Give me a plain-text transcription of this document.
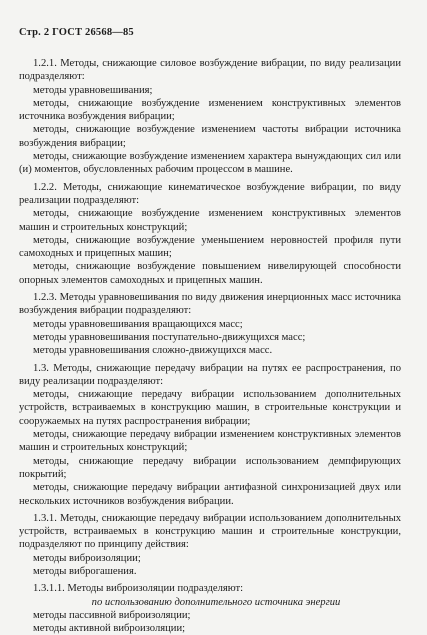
Стр. 2 ГОСТ 26568—85

1.2.1. Методы, снижающие силовое возбуждение вибрации, по виду реализации подразделяют:

методы уравновешивания;

методы, снижающие возбуждение изменением конструктивных элементов источника возбуждения вибрации;

методы, снижающие возбуждение изменением частоты вибрации источника возбуждения вибрации;

методы, снижающие возбуждение изменением характера вынуждающих сил или (и) моментов, обусловленных рабочим процессом в машине.

1.2.2. Методы, снижающие кинематическое возбуждение вибрации, по виду реализации подразделяют:

методы, снижающие возбуждение изменением конструктивных элементов машин и строительных конструкций;

методы, снижающие возбуждение уменьшением неровностей профиля пути самоходных и прицепных машин;

методы, снижающие возбуждение повышением нивелирующей способности опорных элементов самоходных и прицепных машин.

1.2.3. Методы уравновешивания по виду движения инерционных масс источника возбуждения вибрации подразделяют:

методы уравновешивания вращающихся масс;

методы уравновешивания поступательно-движущихся масс;

методы уравновешивания сложно-движущихся масс.

1.3. Методы, снижающие передачу вибрации на путях ее распространения, по виду реализации подразделяют:

методы, снижающие передачу вибрации использованием дополнительных устройств, встраиваемых в конструкцию машин, в строительные конструкции и сооружаемых на путях распространения вибрации;

методы, снижающие передачу вибрации изменением конструктивных элементов машин и строительных конструкций;

методы, снижающие передачу вибрации использованием демпфирующих покрытий;

методы, снижающие передачу вибрации антифазной синхронизацией двух или нескольких источников возбуждения вибрации.

1.3.1. Методы, снижающие передачу вибрации использованием дополнительных устройств, встраиваемых в конструкцию машин и строительные конструкции, подразделяют по принципу действия:

методы виброизоляции;

методы виброгашения.

1.3.1.1. Методы виброизоляции подразделяют:

по использованию дополнительного источника энергии

методы пассивной виброизоляции;

методы активной виброизоляции;
